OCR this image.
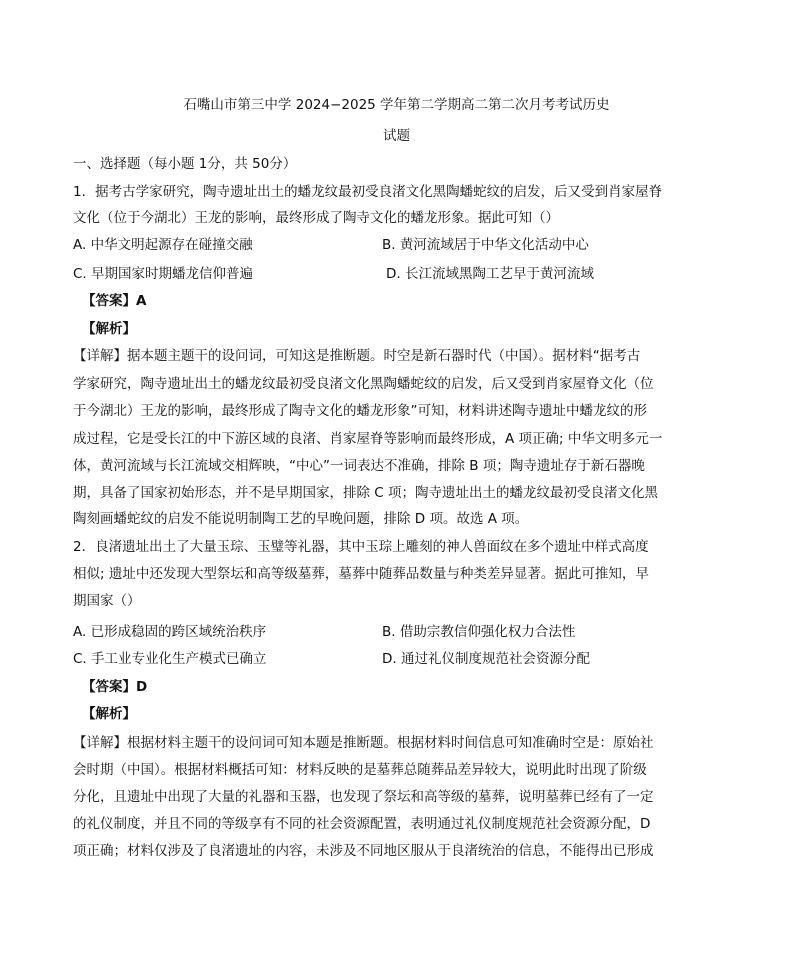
石嘴山市第三中学 2024−2025 学年第二学期高二第二次月考考试历史
试题
一、选择题（每小题 1分，共 50分）
1．据考古学家研究，陶寺遗址出土的蟠龙纹最初受良渚文化黑陶蟠蛇纹的启发，后又受到肖家屋脊
文化（位于今湖北）王龙的影响，最终形成了陶寺文化的蟠龙形象。据此可知（）
A. 中华文明起源存在碰撞交融	B. 黄河流域居于中华文化活动中心
C. 早期国家时期蟠龙信仰普遍	D. 长江流域黑陶工艺早于黄河流域
【答案】A
【解析】
【详解】据本题主题干的设问词，可知这是推断题。时空是新石器时代（中国）。据材料“据考古
学家研究，陶寺遗址出土的蟠龙纹最初受良渚文化黑陶蟠蛇纹的启发，后又受到肖家屋脊文化（位
于今湖北）王龙的影响，最终形成了陶寺文化的蟠龙形象”可知，材料讲述陶寺遗址中蟠龙纹的形
成过程，它是受长江的中下游区域的良渚、肖家屋脊等影响而最终形成，A 项正确; 中华文明多元一
体，黄河流域与长江流域交相辉映，“中心”一词表达不准确，排除 B 项；陶寺遗址存于新石器晚
期，具备了国家初始形态，并不是早期国家，排除 C 项；陶寺遗址出土的蟠龙纹最初受良渚文化黑
陶刻画蟠蛇纹的启发不能说明制陶工艺的早晚问题，排除 D 项。故选 A 项。
2．良渚遗址出土了大量玉琮、玉璧等礼器，其中玉琮上雕刻的神人兽面纹在多个遗址中样式高度
相似; 遗址中还发现大型祭坛和高等级墓葬，墓葬中随葬品数量与种类差异显著。据此可推知，早
期国家（）
A. 已形成稳固的跨区域统治秩序	B. 借助宗教信仰强化权力合法性
C. 手工业专业化生产模式已确立	D. 通过礼仪制度规范社会资源分配
【答案】D
【解析】
【详解】根据材料主题干的设问词可知本题是推断题。根据材料时间信息可知准确时空是：原始社
会时期（中国）。根据材料概括可知：材料反映的是墓葬总随葬品差异较大，说明此时出现了阶级
分化，且遗址中出现了大量的礼器和玉器，也发现了祭坛和高等级的墓葬，说明墓葬已经有了一定
的礼仪制度，并且不同的等级享有不同的社会资源配置，表明通过礼仪制度规范社会资源分配，D
项正确；材料仅涉及了良渚遗址的内容，未涉及不同地区服从于良渚统治的信息，不能得出已形成
